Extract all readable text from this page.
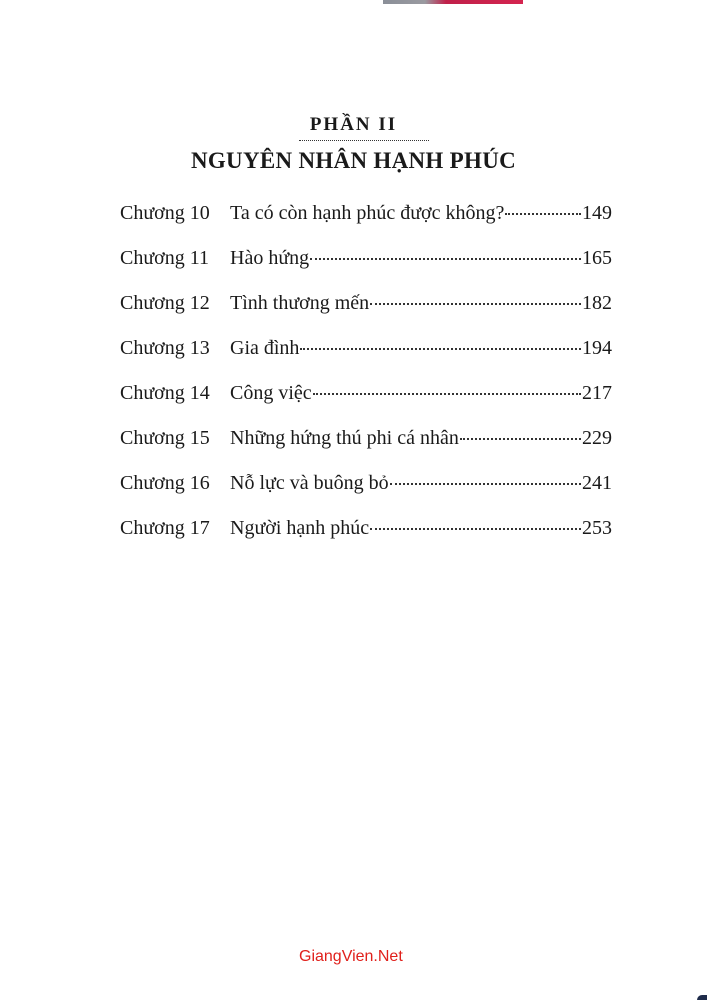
PHẦN II
NGUYÊN NHÂN HẠNH PHÚC
Chương 10	Ta có còn hạnh phúc được không?	149
Chương 11	Hào hứng	165
Chương 12	Tình thương mến	182
Chương 13	Gia đình	194
Chương 14	Công việc	217
Chương 15	Những hứng thú phi cá nhân	229
Chương 16	Nỗ lực và buông bỏ	241
Chương 17	Người hạnh phúc	253
GiangVien.Net
